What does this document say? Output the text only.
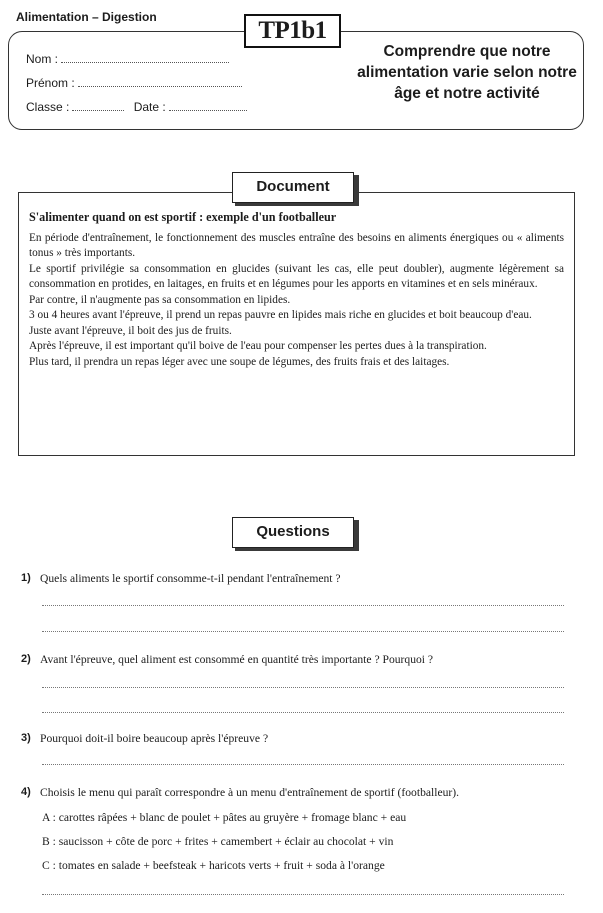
Alimentation – Digestion	TP1b1
Nom :
Prénom :
Classe :	Date :
Comprendre que notre alimentation varie selon notre âge et notre activité
Document

S'alimenter quand on est sportif : exemple d'un footballeur

En période d'entraînement, le fonctionnement des muscles entraîne des besoins en aliments énergiques ou « aliments tonus » très importants.

Le sportif privilégie sa consommation en glucides (suivant les cas, elle peut doubler), augmente légèrement sa consommation en protides, en laitages, en fruits et en légumes pour les apports en vitamines et en sels minéraux.

Par contre, il n'augmente pas sa consommation en lipides.

3 ou 4 heures avant l'épreuve, il prend un repas pauvre en lipides mais riche en glucides et boit beaucoup d'eau.

Juste avant l'épreuve, il boit des jus de fruits.

Après l'épreuve, il est important qu'il boive de l'eau pour compenser les pertes dues à la transpiration.

Plus tard, il prendra un repas léger avec une soupe de légumes, des fruits frais et des laitages.

Questions
1) Quels aliments le sportif consomme-t-il pendant l'entraînement ?
2) Avant l'épreuve, quel aliment est consommé en quantité très importante ? Pourquoi ?
3) Pourquoi doit-il boire beaucoup après l'épreuve ?
4) Choisis le menu qui paraît correspondre à un menu d'entraînement de sportif (footballeur).
A : carottes râpées + blanc de poulet + pâtes au gruyère + fromage blanc + eau
B : saucisson + côte de porc + frites + camembert + éclair au chocolat + vin
C : tomates en salade + beefsteak + haricots verts + fruit + soda à l'orange
